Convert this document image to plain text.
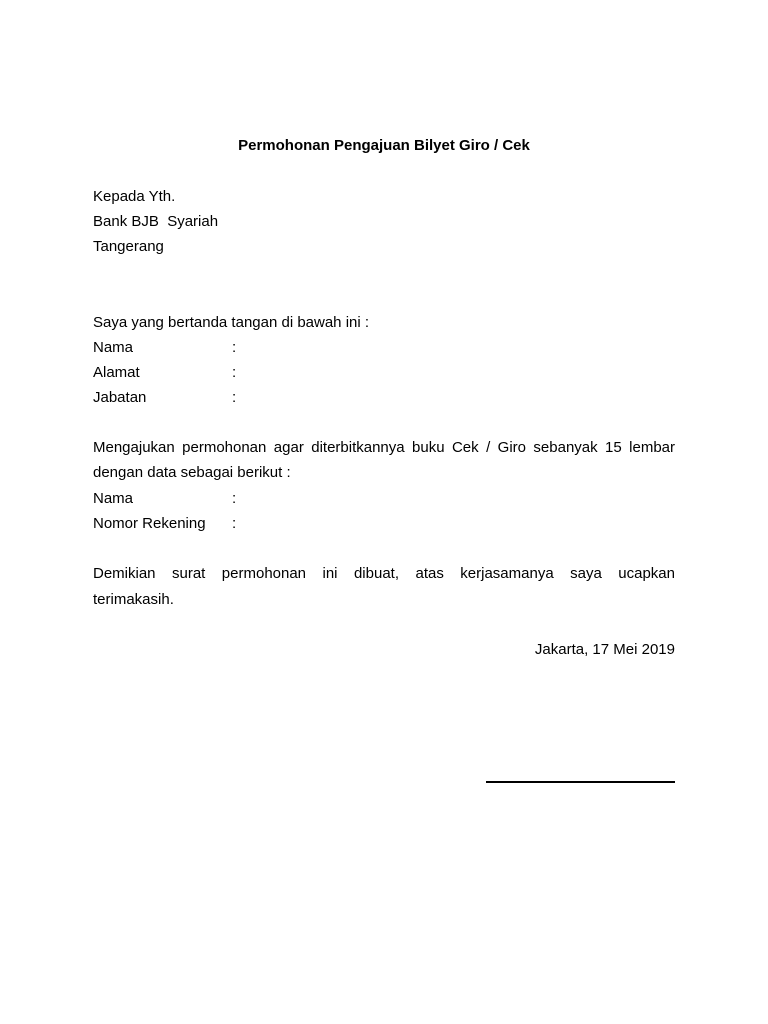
Permohonan Pengajuan Bilyet Giro / Cek
Kepada Yth.
Bank BJB  Syariah
Tangerang
Saya yang bertanda tangan di bawah ini :
Nama	:
Alamat	:
Jabatan	:
Mengajukan permohonan agar diterbitkannya buku Cek / Giro sebanyak 15 lembar
dengan data sebagai berikut :
Nama	:
Nomor Rekening :
Demikian surat permohonan ini dibuat, atas kerjasamanya saya ucapkan
terimakasih.
Jakarta, 17 Mei 2019
